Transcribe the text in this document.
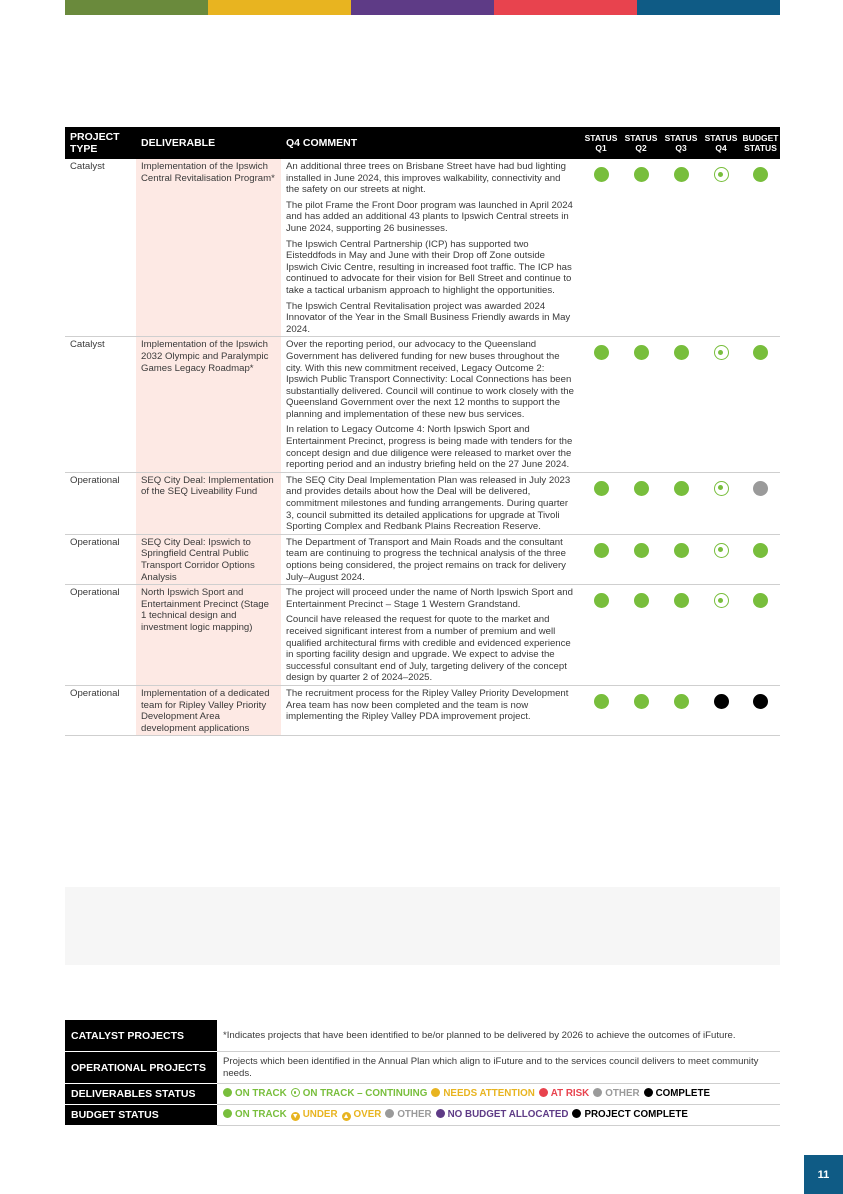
PROJECT TYPE	DELIVERABLE	Q4 COMMENT	STATUS Q1	STATUS Q2	STATUS Q3	STATUS Q4	BUDGET STATUS
Catalyst	Implementation of the Ipswich Central Revitalisation Program*	An additional three trees on Brisbane Street have had bud lighting installed in June 2024, this improves walkability, connectivity and the safety on our streets at night.

The pilot Frame the Front Door program was launched in April 2024 and has added an additional 43 plants to Ipswich Central streets in June 2024, supporting 26 businesses.

The Ipswich Central Partnership (ICP) has supported two Eisteddfods in May and June with their Drop off Zone outside Ipswich Civic Centre, resulting in increased foot traffic. The ICP has continued to advocate for their vision for Bell Street and continue to take a tactical urbanism approach to highlight the opportunities.

The Ipswich Central Revitalisation project was awarded 2024 Innovator of the Year in the Small Business Friendly awards in May 2024.					

Catalyst	Implementation of the Ipswich 2032 Olympic and Paralympic Games Legacy Roadmap*	Over the reporting period, our advocacy to the Queensland Government has delivered funding for new buses throughout the city. With this new commitment received, Legacy Outcome 2: Ipswich Public Transport Connectivity: Local Connections has been substantially delivered. Council will continue to work closely with the Queensland Government over the next 12 months to support the planning and implementation of these new bus services.

In relation to Legacy Outcome 4: North Ipswich Sport and Entertainment Precinct, progress is being made with tenders for the concept design and due diligence were released to market over the reporting period and an industry briefing held on the 27 June 2024.					

Operational	SEQ City Deal: Implementation of the SEQ Liveability Fund	The SEQ City Deal Implementation Plan was released in July 2023 and provides details about how the Deal will be delivered, commitment milestones and funding arrangements. During quarter 3, council submitted its detailed applications for upgrade at Tivoli Sporting Complex and Redbank Plains Recreation Reserve.					

Operational	SEQ City Deal: Ipswich to Springfield Central Public Transport Corridor Options Analysis	The Department of Transport and Main Roads and the consultant team are continuing to progress the technical analysis of the three options being considered, the project remains on track for delivery July–August 2024.					

Operational	North Ipswich Sport and Entertainment Precinct (Stage 1 technical design and investment logic mapping)	The project will proceed under the name of North Ipswich Sport and Entertainment Precinct – Stage 1 Western Grandstand.

Council have released the request for quote to the market and received significant interest from a number of premium and well qualified architectural firms with credible and evidenced experience in sporting facility design and upgrade. We expect to advise the successful consultant end of July, targeting delivery of the concept design by quarter 2 of 2024–2025.					

Operational	Implementation of a dedicated team for Ripley Valley Priority Development Area development applications	The recruitment process for the Ripley Valley Priority Development Area team has now been completed and the team is now implementing the Ripley Valley PDA improvement project.					

CATALYST PROJECTS	*Indicates projects that have been identified to be/or planned to be delivered by 2026 to achieve the outcomes of iFuture.
OPERATIONAL PROJECTS	Projects which been identified in the Annual Plan which align to iFuture and to the services council delivers to meet community needs.
DELIVERABLES STATUS	ON TRACK ON TRACK – CONTINUING NEEDS ATTENTION AT RISK OTHER COMPLETE
BUDGET STATUS	ON TRACK ▼ UNDER ▲ OVER OTHER NO BUDGET ALLOCATED PROJECT COMPLETE
11
